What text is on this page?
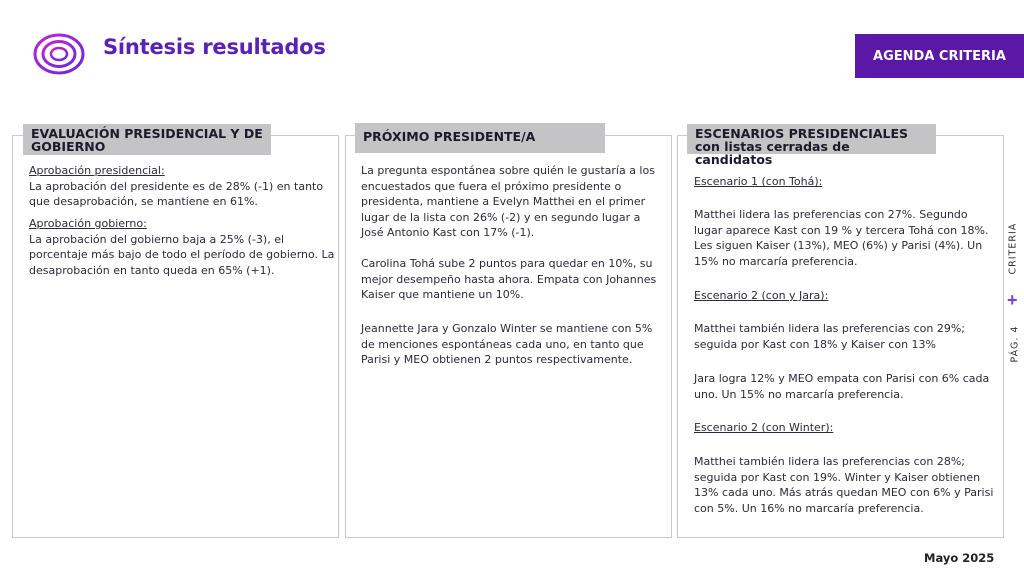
Síntesis resultados	AGENDA CRITERIA
EVALUACIÓN PRESIDENCIAL Y DE GOBIERNO
Aprobación presidencial:
La aprobación del presidente es de 28% (-1) en tanto que desaprobación, se mantiene en 61%.
Aprobación gobierno:
La aprobación del gobierno baja a 25% (-3), el porcentaje más bajo de todo el período de gobierno. La desaprobación en tanto queda en 65% (+1).
PRÓXIMO PRESIDENTE/A
La pregunta espontánea sobre quién le gustaría a los encuestados que fuera el próximo presidente o presidenta, mantiene a Evelyn Matthei en el primer lugar de la lista con 26% (-2) y en segundo lugar a José Antonio Kast con 17% (-1).
Carolina Tohá sube 2 puntos para quedar en 10%, su mejor desempeño hasta ahora. Empata con Johannes Kaiser que mantiene un 10%.
Jeannette Jara y Gonzalo Winter se mantiene con 5% de menciones espontáneas cada uno, en tanto que Parisi y MEO obtienen 2 puntos respectivamente.
ESCENARIOS PRESIDENCIALES con listas cerradas de candidatos
Escenario 1 (con Tohá):
Matthei lidera las preferencias con 27%. Segundo lugar aparece Kast con 19 % y tercera Tohá con 18%. Les siguen Kaiser (13%), MEO (6%) y Parisi (4%). Un 15% no marcaría preferencia.
Escenario 2 (con y Jara):
Matthei también lidera las preferencias con 29%; seguida por Kast con 18% y Kaiser con 13%
Jara logra 12% y MEO empata con Parisi con 6% cada uno. Un 15% no marcaría preferencia.
Escenario 2 (con Winter):
Matthei también lidera las preferencias con 28%; seguida por Kast con 19%. Winter y Kaiser obtienen 13% cada uno. Más atrás quedan MEO con 6% y Parisi con 5%. Un 16% no marcaría preferencia.
CRITERIA
+
PÁG. 4
Mayo 2025
